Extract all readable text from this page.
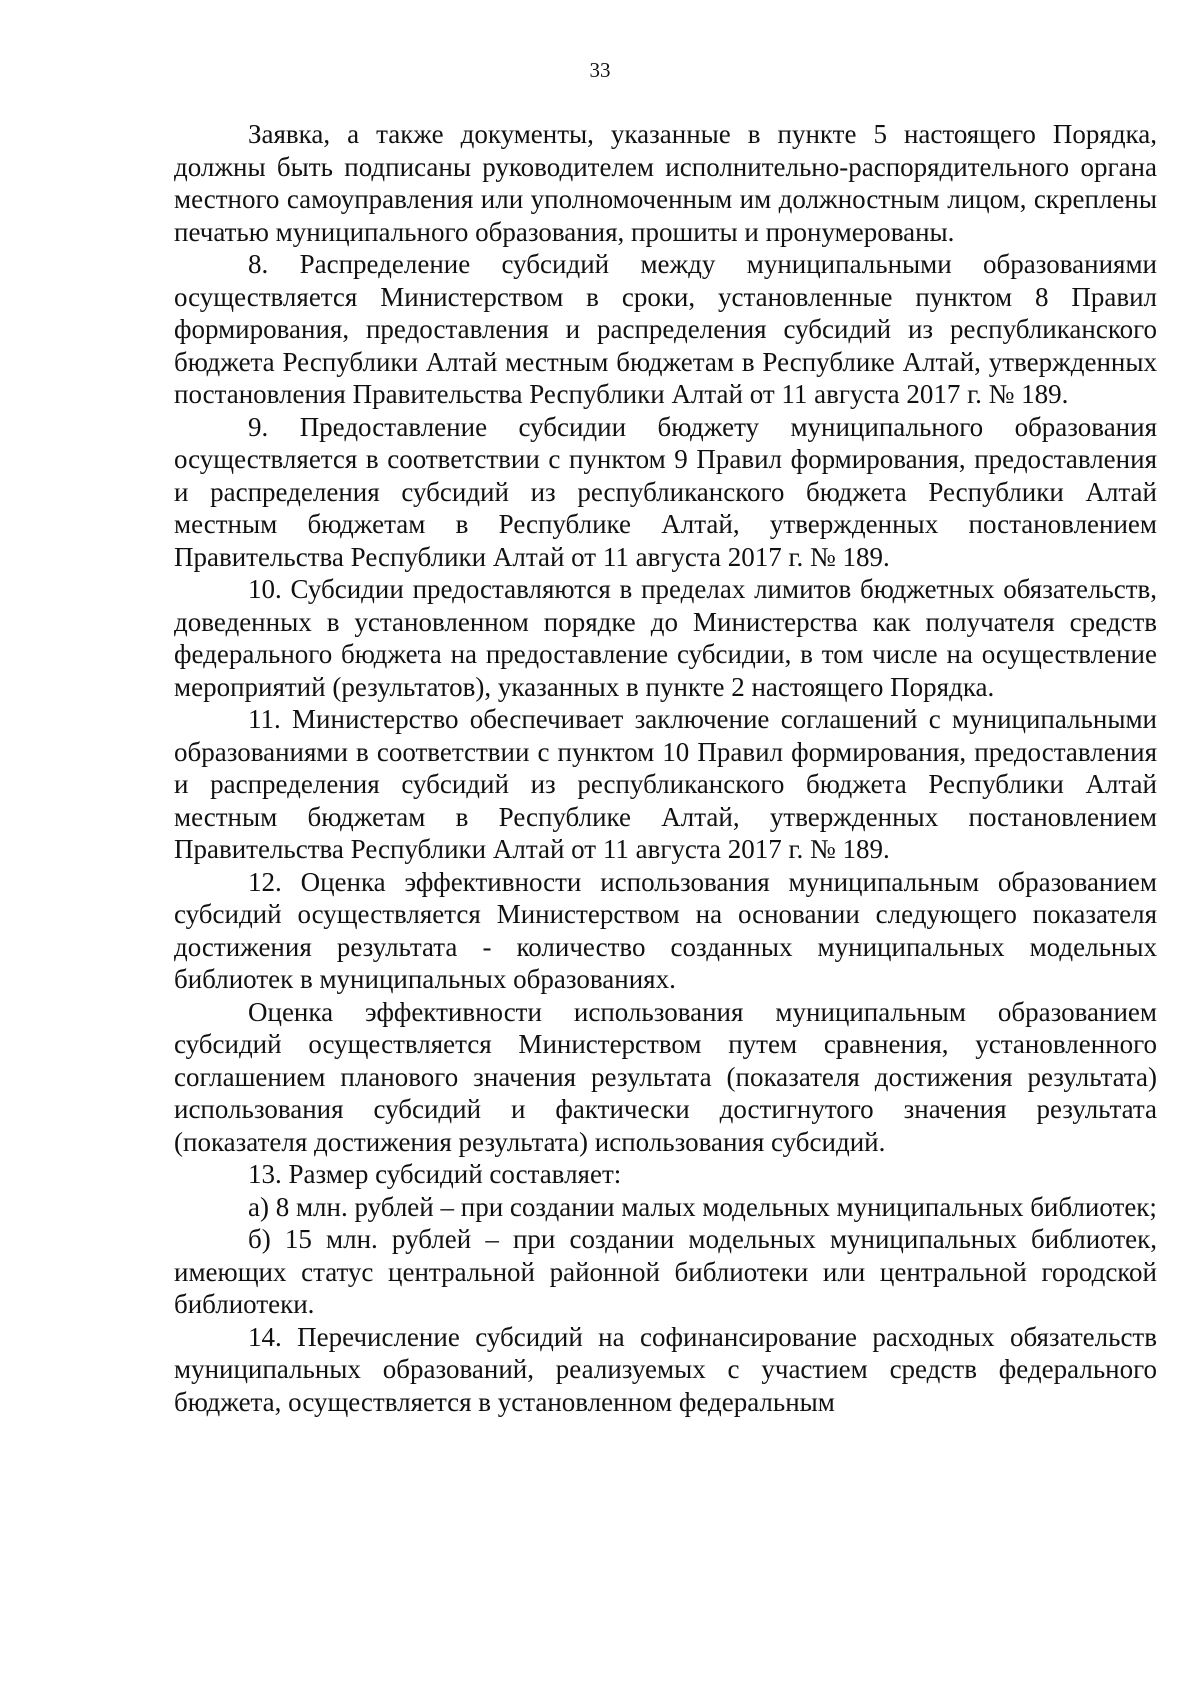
33

Заявка, а также документы, указанные в пункте 5 настоящего Порядка, должны быть подписаны руководителем исполнительно-распорядительного органа местного самоуправления или уполномоченным им должностным лицом, скреплены печатью муниципального образования, прошиты и пронумерованы.

8. Распределение субсидий между муниципальными образованиями осуществляется Министерством в сроки, установленные пунктом 8 Правил формирования, предоставления и распределения субсидий из республиканского бюджета Республики Алтай местным бюджетам в Республике Алтай, утвержденных постановления Правительства Республики Алтай от 11 августа 2017 г. № 189.

9. Предоставление субсидии бюджету муниципального образования осуществляется в соответствии с пунктом 9 Правил формирования, предоставления и распределения субсидий из республиканского бюджета Республики Алтай местным бюджетам в Республике Алтай, утвержденных постановлением Правительства Республики Алтай от 11 августа 2017 г. № 189.

10. Субсидии предоставляются в пределах лимитов бюджетных обязательств, доведенных в установленном порядке до Министерства как получателя средств федерального бюджета на предоставление субсидии, в том числе на осуществление мероприятий (результатов), указанных в пункте 2 настоящего Порядка.

11. Министерство обеспечивает заключение соглашений с муниципальными образованиями в соответствии с пунктом 10 Правил формирования, предоставления и распределения субсидий из республиканского бюджета Республики Алтай местным бюджетам в Республике Алтай, утвержденных постановлением Правительства Республики Алтай от 11 августа 2017 г. № 189.

12. Оценка эффективности использования муниципальным образованием субсидий осуществляется Министерством на основании следующего показателя достижения результата - количество созданных муниципальных модельных библиотек в муниципальных образованиях.

Оценка эффективности использования муниципальным образованием субсидий осуществляется Министерством путем сравнения, установленного соглашением планового значения результата (показателя достижения результата) использования субсидий и фактически достигнутого значения результата (показателя достижения результата) использования субсидий.

13. Размер субсидий составляет:

а) 8 млн. рублей – при создании малых модельных муниципальных библиотек;

б) 15 млн. рублей – при создании модельных муниципальных библиотек, имеющих статус центральной районной библиотеки или центральной городской библиотеки.

14. Перечисление субсидий на софинансирование расходных обязательств муниципальных образований, реализуемых с участием средств федерального бюджета, осуществляется в установленном федеральным
